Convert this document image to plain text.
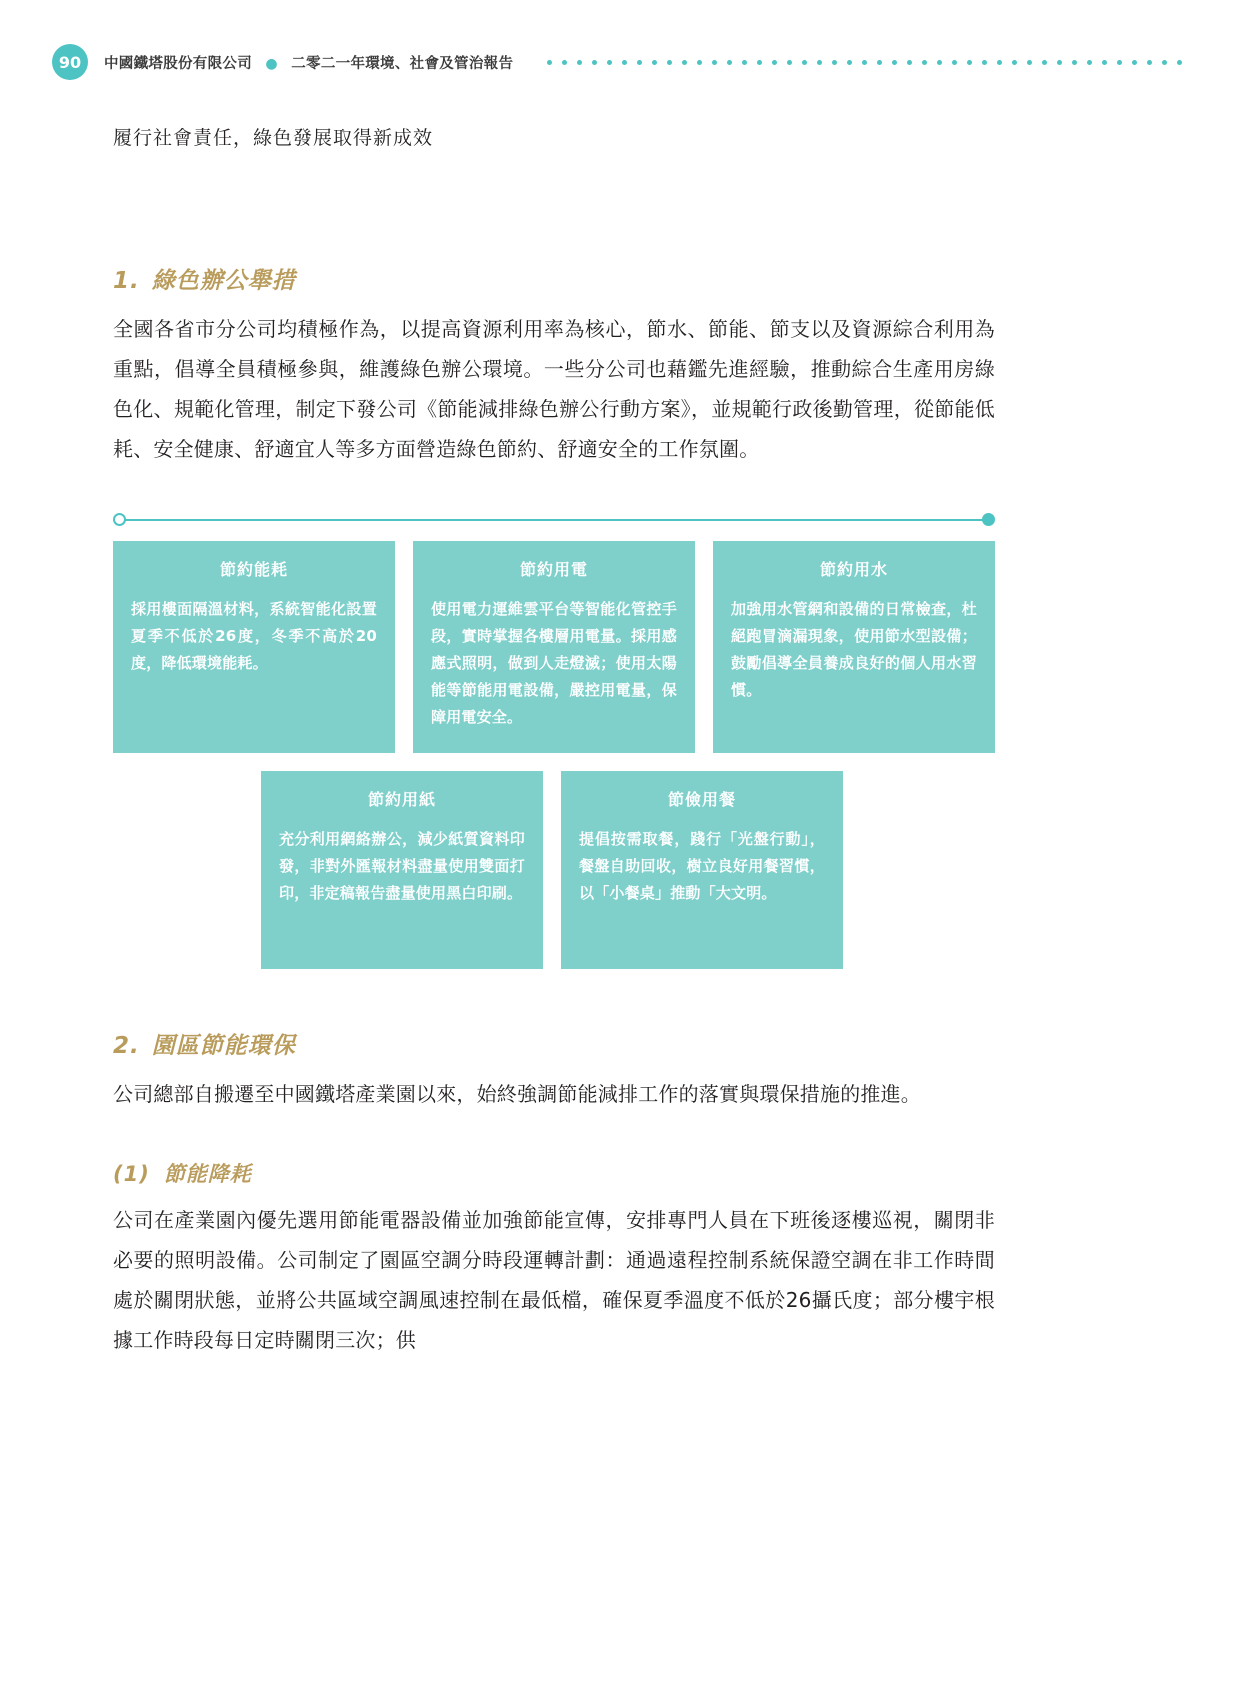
90	中國鐵塔股份有限公司 ● 二零二一年環境、社會及管治報告
履行社會責任，綠色發展取得新成效
1. 綠色辦公舉措

全國各省市分公司均積極作為，以提高資源利用率為核心，節水、節能、節支以及資源綜合利用為重點，倡導全員積極參與，維護綠色辦公環境。一些分公司也藉鑑先進經驗，推動綜合生產用房綠色化、規範化管理，制定下發公司《節能減排綠色辦公行動方案》，並規範行政後勤管理，從節能低耗、安全健康、舒適宜人等多方面營造綠色節約、舒適安全的工作氛圍。

節約能耗
採用樓面隔溫材料，系統智能化設置夏季不低於26度，冬季不高於20度，降低環境能耗。
節約用電
使用電力運維雲平台等智能化管控手段，實時掌握各樓層用電量。採用感應式照明，做到人走燈滅；使用太陽能等節能用電設備，嚴控用電量，保障用電安全。
節約用水
加強用水管網和設備的日常檢查，杜絕跑冒滴漏現象，使用節水型設備；鼓勵倡導全員養成良好的個人用水習慣。
節約用紙
充分利用網絡辦公，減少紙質資料印發，非對外匯報材料盡量使用雙面打印，非定稿報告盡量使用黑白印刷。
節儉用餐
提倡按需取餐，踐行「光盤行動」，餐盤自助回收，樹立良好用餐習慣，以「小餐桌」推動「大文明。
2. 園區節能環保

公司總部自搬遷至中國鐵塔產業園以來，始終強調節能減排工作的落實與環保措施的推進。

(1) 節能降耗

公司在產業園內優先選用節能電器設備並加強節能宣傳，安排專門人員在下班後逐樓巡視，關閉非必要的照明設備。公司制定了園區空調分時段運轉計劃：通過遠程控制系統保證空調在非工作時間處於關閉狀態，並將公共區域空調風速控制在最低檔，確保夏季溫度不低於26攝氏度；部分樓宇根據工作時段每日定時關閉三次；供
